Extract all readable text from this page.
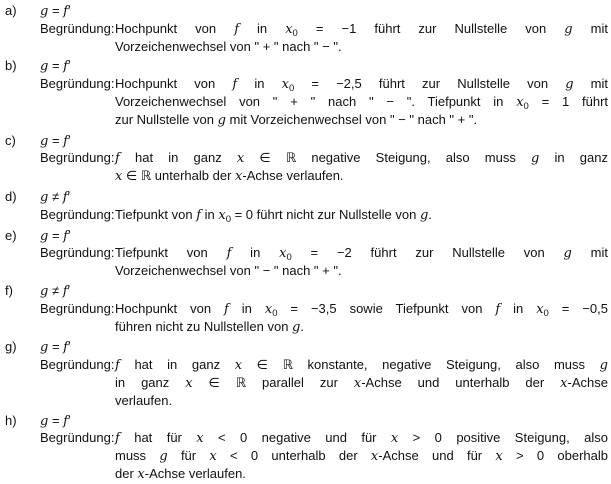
a)	g = f′
Begründung: Hochpunkt von f in $x_0 = -1$ führt zur Nullstelle von g mit
Vorzeichenwechsel von " + " nach " − ".
b)	g = f′
Begründung: Hochpunkt von f in $x_0 = -2,5$ führt zur Nullstelle von g mit
Vorzeichenwechsel von " + " nach " − ". Tiefpunkt in $x_0 = 1$ führt
zur Nullstelle von g mit Vorzeichenwechsel von " − " nach " + ".
c)	g = f′
Begründung: f hat in ganz x ∈ ℝ negative Steigung, also muss g in ganz
x ∈ ℝ unterhalb der x-Achse verlaufen.
d)	g ≠ f′
Begründung: Tiefpunkt von f in $x_0 = 0$ führt nicht zur Nullstelle von g.
e)	g = f′
Begründung: Tiefpunkt von f in $x_0 = -2$ führt zur Nullstelle von g mit
Vorzeichenwechsel von " − " nach " + ".
f)	g ≠ f′
Begründung: Hochpunkt von f in $x_0 = -3,5$ sowie Tiefpunkt von f in $x_0 = -0,5$
führen nicht zu Nullstellen von g.
g)	g = f′
Begründung: f hat in ganz x ∈ ℝ konstante, negative Steigung, also muss g
in ganz x ∈ ℝ parallel zur x-Achse und unterhalb der x-Achse
verlaufen.
h)	g = f′
Begründung: f hat für x < 0 negative und für x > 0 positive Steigung, also
muss g für x < 0 unterhalb der x-Achse und für x > 0 oberhalb
der x-Achse verlaufen.
